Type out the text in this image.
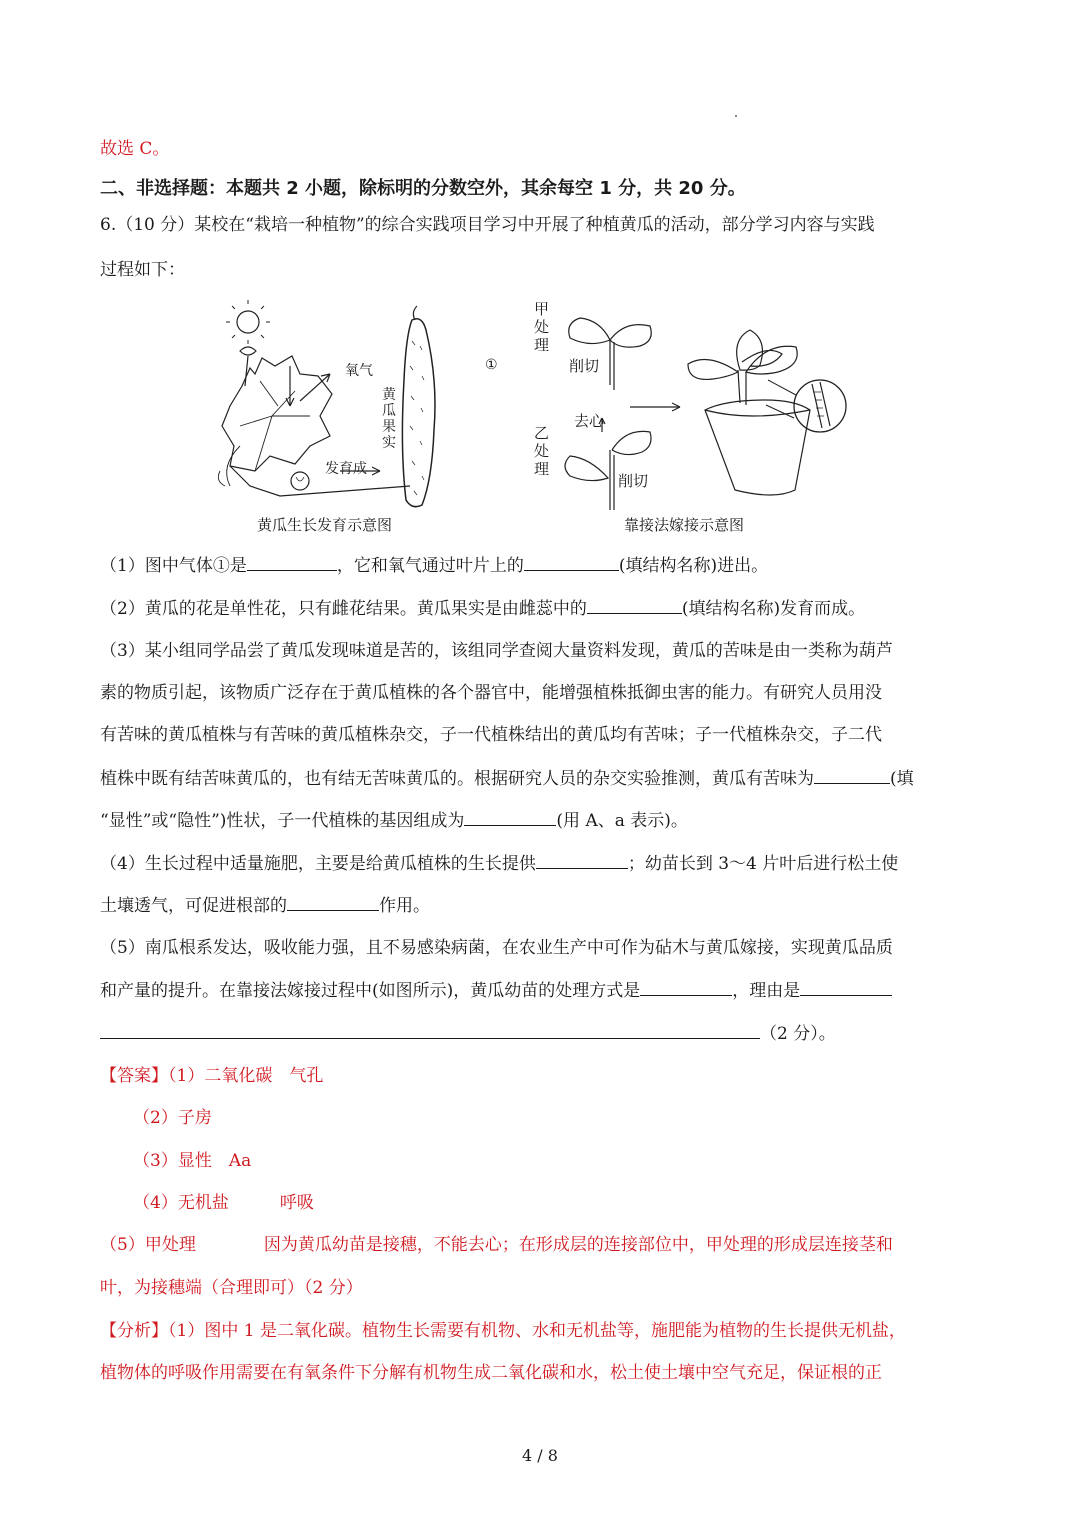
故选 C。
二、非选择题：本题共 2 小题，除标明的分数空外，其余每空 1 分，共 20 分。
6.（10 分）某校在“栽培一种植物”的综合实践项目学习中开展了种植黄瓜的活动，部分学习内容与实践
过程如下：
①
氧气
黄瓜果实
发育成
黄瓜生长发育示意图
甲处理
削切
去心
乙处理
削切
靠接法嫁接示意图
（1）图中气体①是	，它和氧气通过叶片上的	(填结构名称)进出。
（2）黄瓜的花是单性花，只有雌花结果。黄瓜果实是由雌蕊中的	(填结构名称)发育而成。
（3）某小组同学品尝了黄瓜发现味道是苦的，该组同学查阅大量资料发现，黄瓜的苦味是由一类称为葫芦
素的物质引起，该物质广泛存在于黄瓜植株的各个器官中，能增强植株抵御虫害的能力。有研究人员用没
有苦味的黄瓜植株与有苦味的黄瓜植株杂交，子一代植株结出的黄瓜均有苦味；子一代植株杂交，子二代
植株中既有结苦味黄瓜的，也有结无苦味黄瓜的。根据研究人员的杂交实验推测，黄瓜有苦味为	(填
“显性”或“隐性”)性状，子一代植株的基因组成为	(用 A、a 表示)。
（4）生长过程中适量施肥，主要是给黄瓜植株的生长提供	；幼苗长到 3～4 片叶后进行松土使
土壤透气，可促进根部的	作用。
（5）南瓜根系发达，吸收能力强，且不易感染病菌，在农业生产中可作为砧木与黄瓜嫁接，实现黄瓜品质
和产量的提升。在靠接法嫁接过程中(如图所示)，黄瓜幼苗的处理方式是	，理由是
（2 分）。
【答案】（1）二氧化碳　气孔
（2）子房
（3）显性　Aa
（4）无机盐　　　呼吸
（5）甲处理　　　　因为黄瓜幼苗是接穗，不能去心；在形成层的连接部位中，甲处理的形成层连接茎和
叶，为接穗端（合理即可）（2 分）
【分析】（1）图中 1 是二氧化碳。植物生长需要有机物、水和无机盐等，施肥能为植物的生长提供无机盐，
植物体的呼吸作用需要在有氧条件下分解有机物生成二氧化碳和水，松土使土壤中空气充足，保证根的正
4 / 8
